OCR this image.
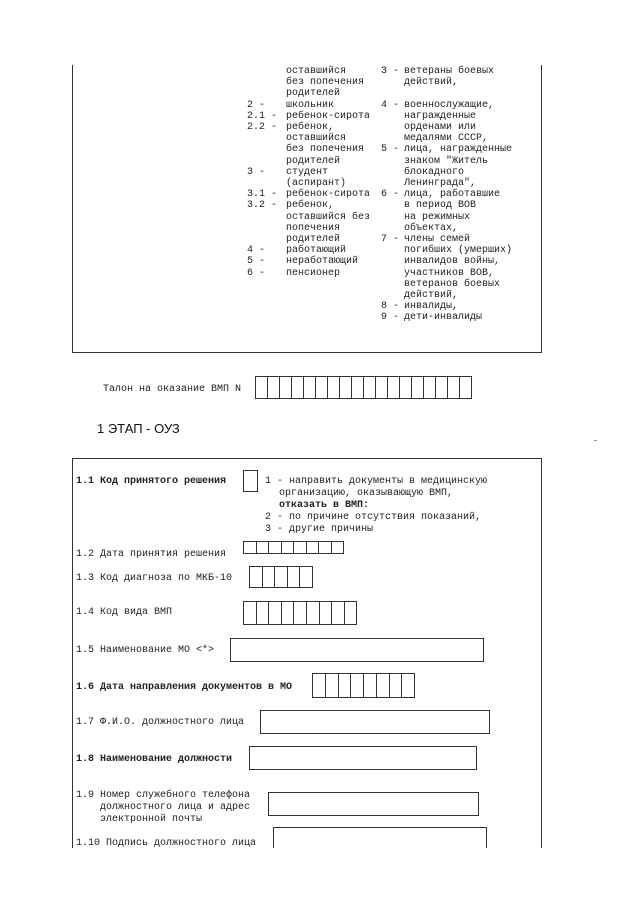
оставшийся
без попечения
родителей
2 - школьник
2.1 - ребенок-сирота
2.2 - ребенок,
оставшийся
без попечения
родителей
3 - студент
(аспирант)
3.1 - ребенок-сирота
3.2 - ребенок,
оставшийся без
попечения
родителей
4 - работающий
5 - неработающий
6 - пенсионер
3 - ветераны боевых
действий,
4 - военнослужащие,
награжденные
орденами или
медалями СССР,
5 - лица, награжденные
знаком "Житель
блокадного
Ленинграда",
6 - лица, работавшие
в период ВОВ
на режимных
объектах,
7 - члены семей
погибших (умерших)
инвалидов войны,
участников ВОВ,
ветеранов боевых
действий,
8 - инвалиды,
9 - дети-инвалиды
Талон на оказание ВМП N
1 ЭТАП - ОУЗ
1.1 Код принятого решения	1 - направить документы в медицинскую
организацию, оказывающую ВМП,
отказать в ВМП:
2 - по причине отсутствия показаний,
3 - другие причины
1.2 Дата принятия решения
1.3 Код диагноза по МКБ-10
1.4 Код вида ВМП
1.5 Наименование МО <*>
1.6 Дата направления документов в МО
1.7 Ф.И.О. должностного лица
1.8 Наименование должности
1.9 Номер служебного телефона
должностного лица и адрес
электронной почты
1.10 Подпись должностного лица
